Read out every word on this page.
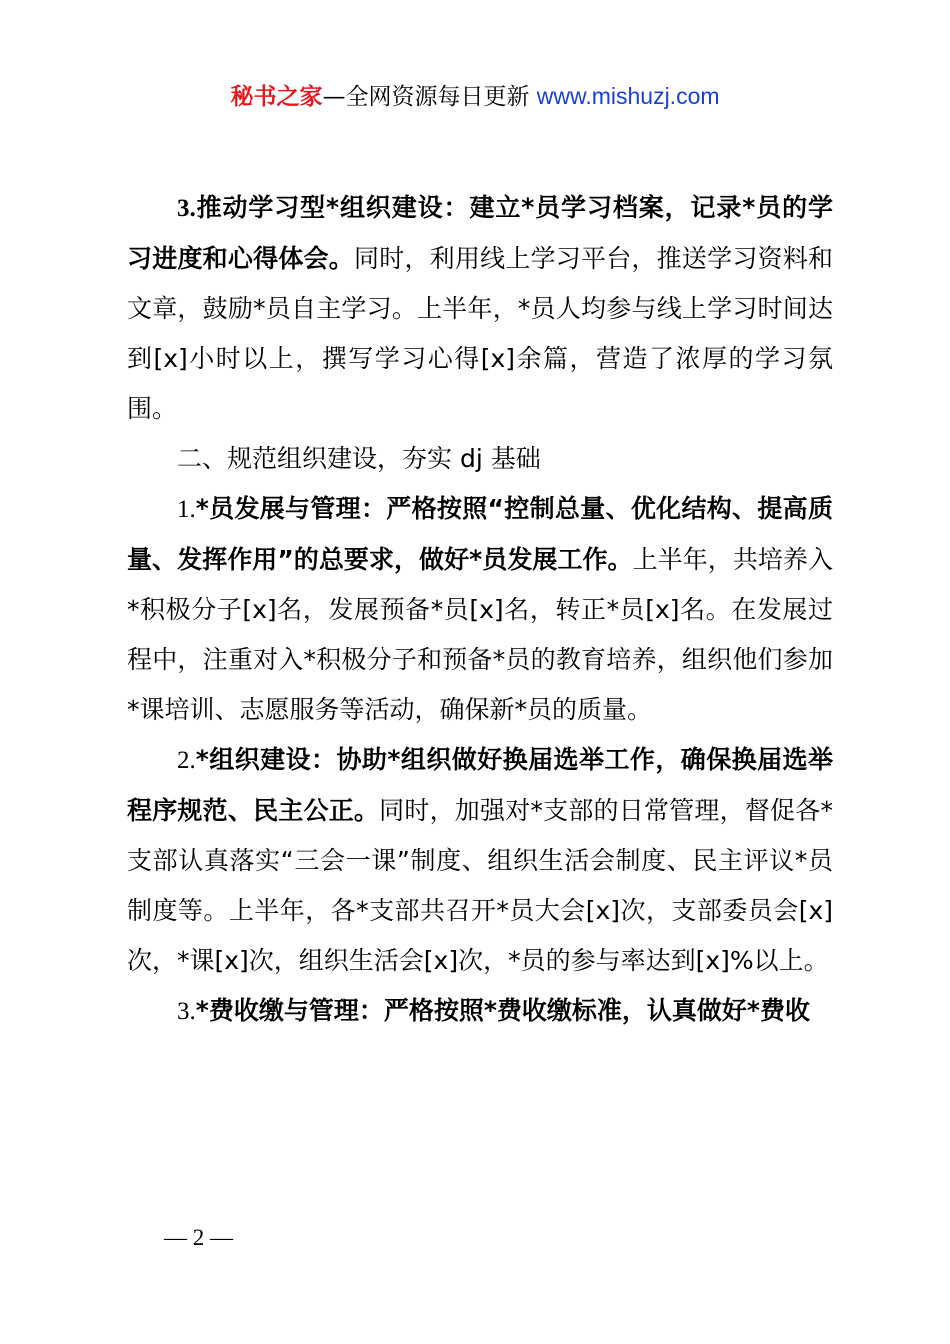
秘书之家—全网资源每日更新 www.mishuzj.com

3.推动学习型*组织建设：建立*员学习档案，记录*员的学习进度和心得体会。同时，利用线上学习平台，推送学习资料和文章，鼓励*员自主学习。上半年，*员人均参与线上学习时间达到[x]小时以上，撰写学习心得[x]余篇，营造了浓厚的学习氛围。

二、规范组织建设，夯实 dj 基础

1.*员发展与管理：严格按照“控制总量、优化结构、提高质量、发挥作用”的总要求，做好*员发展工作。上半年，共培养入*积极分子[x]名，发展预备*员[x]名，转正*员[x]名。在发展过程中，注重对入*积极分子和预备*员的教育培养，组织他们参加*课培训、志愿服务等活动，确保新*员的质量。

2.*组织建设：协助*组织做好换届选举工作，确保换届选举程序规范、民主公正。同时，加强对*支部的日常管理，督促各*支部认真落实“三会一课”制度、组织生活会制度、民主评议*员制度等。上半年，各*支部共召开*员大会[x]次，支部委员会[x]次，*课[x]次，组织生活会[x]次，*员的参与率达到[x]%以上。

3.*费收缴与管理：严格按照*费收缴标准，认真做好*费收

— 2 —
